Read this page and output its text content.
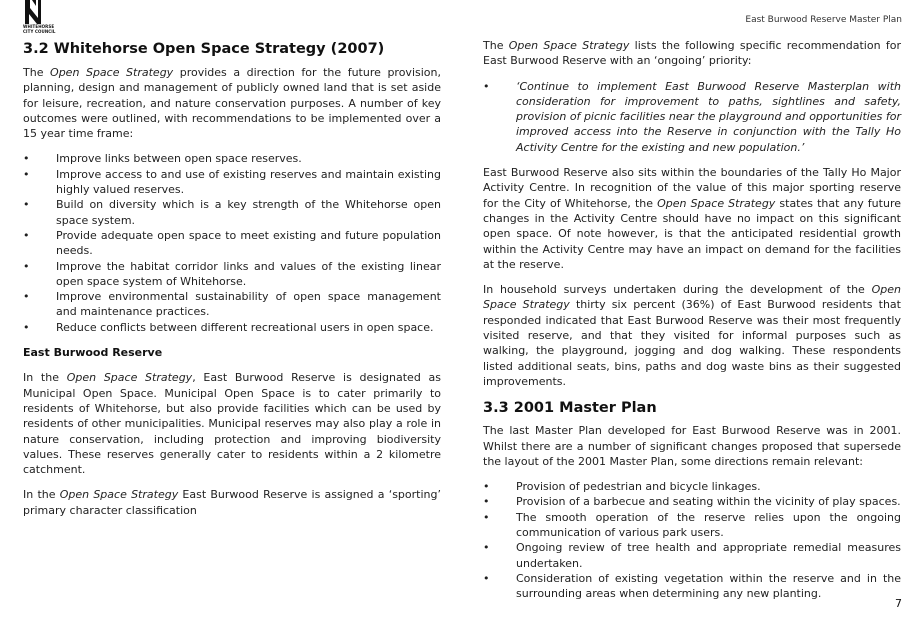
WHITEHORSE
CITY COUNCIL
East Burwood Reserve Master Plan
3.2 Whitehorse Open Space Strategy (2007)

The Open Space Strategy provides a direction for the future provision, planning, design and management of publicly owned land that is set aside for leisure, recreation, and nature conservation purposes. A number of key outcomes were outlined, with recommendations to be implemented over a 15 year time frame:

• Improve links between open space reserves.
• Improve access to and use of existing reserves and maintain existing highly valued reserves.
• Build on diversity which is a key strength of the Whitehorse open space system.
• Provide adequate open space to meet existing and future population needs.
• Improve the habitat corridor links and values of the existing linear open space system of Whitehorse.
• Improve environmental sustainability of open space management and maintenance practices.
• Reduce conflicts between different recreational users in open space.
East Burwood Reserve

In the Open Space Strategy, East Burwood Reserve is designated as Municipal Open Space. Municipal Open Space is to cater primarily to residents of Whitehorse, but also provide facilities which can be used by residents of other municipalities. Municipal reserves may also play a role in nature conservation, including protection and improving biodiversity values. These reserves generally cater to residents within a 2 kilometre catchment.

In the Open Space Strategy East Burwood Reserve is assigned a ‘sporting’ primary character classification

The Open Space Strategy lists the following specific recommendation for East Burwood Reserve with an ‘ongoing’ priority:

• ‘Continue to implement East Burwood Reserve Masterplan with consideration for improvement to paths, sightlines and safety, provision of picnic facilities near the playground and opportunities for improved access into the Reserve in conjunction with the Tally Ho Activity Centre for the existing and new population.’

East Burwood Reserve also sits within the boundaries of the Tally Ho Major Activity Centre. In recognition of the value of this major sporting reserve for the City of Whitehorse, the Open Space Strategy states that any future changes in the Activity Centre should have no impact on this significant open space. Of note however, is that the anticipated residential growth within the Activity Centre may have an impact on demand for the facilities at the reserve.

In household surveys undertaken during the development of the Open Space Strategy thirty six percent (36%) of East Burwood residents that responded indicated that East Burwood Reserve was their most frequently visited reserve, and that they visited for informal purposes such as walking, the playground, jogging and dog walking. These respondents listed additional seats, bins, paths and dog waste bins as their suggested improvements.

3.3 2001 Master Plan

The last Master Plan developed for East Burwood Reserve was in 2001. Whilst there are a number of significant changes proposed that supersede the layout of the 2001 Master Plan, some directions remain relevant:

• Provision of pedestrian and bicycle linkages.
• Provision of a barbecue and seating within the vicinity of play spaces.
• The smooth operation of the reserve relies upon the ongoing communication of various park users.
• Ongoing review of tree health and appropriate remedial measures undertaken.
• Consideration of existing vegetation within the reserve and in the surrounding areas when determining any new planting.
7
